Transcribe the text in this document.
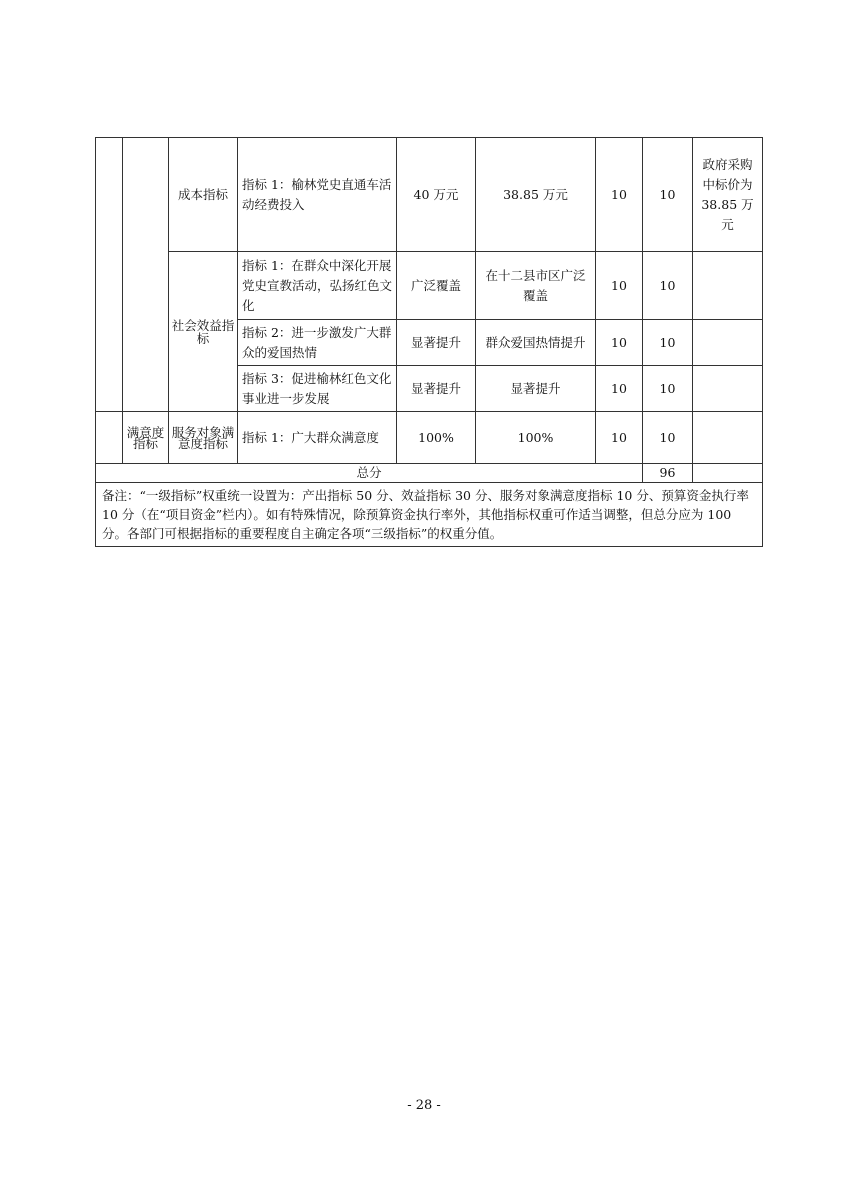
		成本指标	指标 1：榆林党史直通车活动经费投入	40 万元	38.85 万元	10	10	政府采购中标价为 38.85 万元
		社会效益指标	指标 1：在群众中深化开展党史宣教活动，弘扬红色文化	广泛覆盖	在十二县市区广泛覆盖	10	10	
			指标 2：进一步激发广大群众的爱国热情	显著提升	群众爱国热情提升	10	10	
			指标 3：促进榆林红色文化事业进一步发展	显著提升	显著提升	10	10	
	满意度指标	服务对象满意度指标	指标 1：广大群众满意度	100%	100%	10	10	
总分							96	
备注：“一级指标”权重统一设置为：产出指标 50 分、效益指标 30 分、服务对象满意度指标 10 分、预算资金执行率 10 分（在“项目资金”栏内）。如有特殊情况，除预算资金执行率外，其他指标权重可作适当调整，但总分应为 100 分。各部门可根据指标的重要程度自主确定各项“三级指标”的权重分值。								
- 28 -
